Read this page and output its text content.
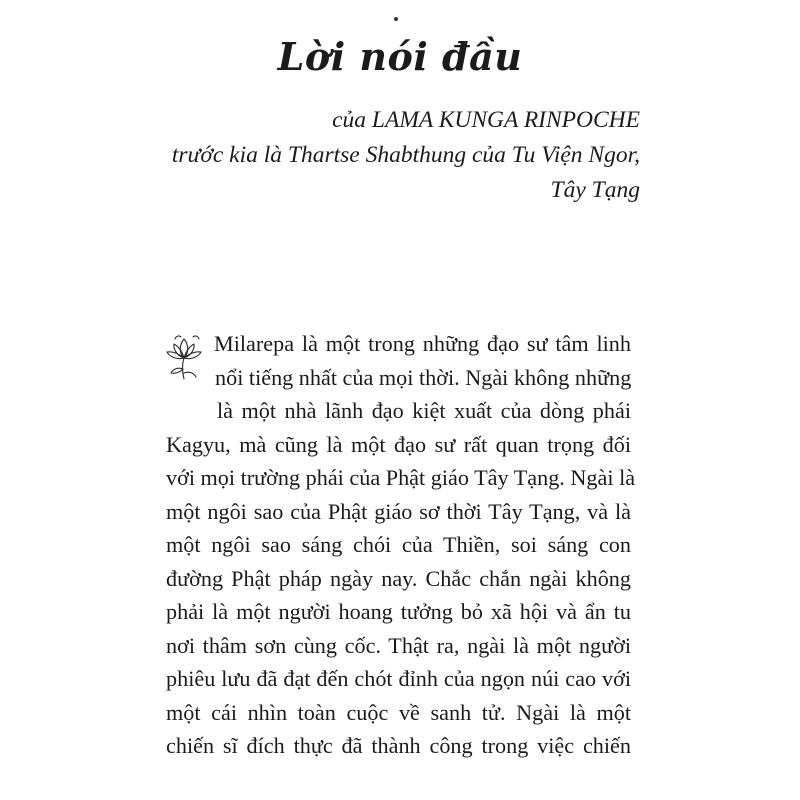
Lời nói đầu
của LAMA KUNGA RINPOCHE
trước kia là Thartse Shabthung của Tu Viện Ngor,
Tây Tạng
Milarepa là một trong những đạo sư tâm linh
nổi tiếng nhất của mọi thời. Ngài không những
là một nhà lãnh đạo kiệt xuất của dòng phái
Kagyu, mà cũng là một đạo sư rất quan trọng đối
với mọi trường phái của Phật giáo Tây Tạng. Ngài là
một ngôi sao của Phật giáo sơ thời Tây Tạng, và là
một ngôi sao sáng chói của Thiền, soi sáng con
đường Phật pháp ngày nay. Chắc chắn ngài không
phải là một người hoang tưởng bỏ xã hội và ẩn tu
nơi thâm sơn cùng cốc. Thật ra, ngài là một người
phiêu lưu đã đạt đến chót đỉnh của ngọn núi cao với
một cái nhìn toàn cuộc về sanh tử. Ngài là một
chiến sĩ đích thực đã thành công trong việc chiến
